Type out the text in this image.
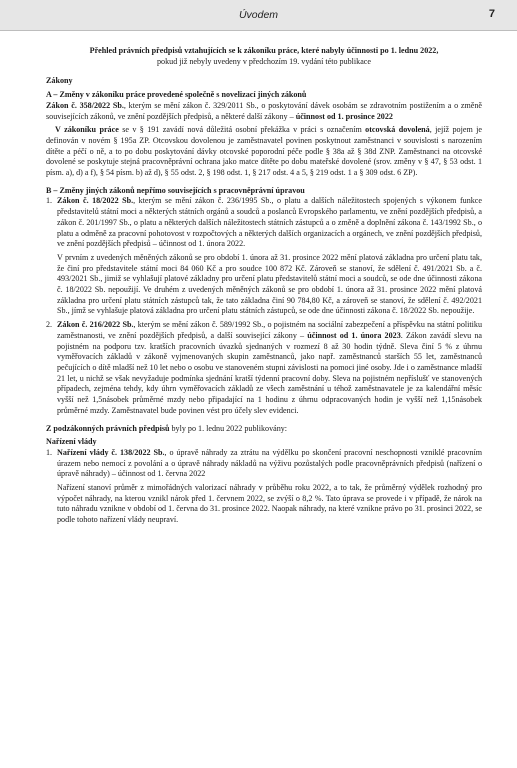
Úvodem	7

Přehled právních předpisů vztahujících se k zákoníku práce, které nabyly účinnosti po 1. lednu 2022,
pokud již nebyly uvedeny v předchozím 19. vydání této publikace

Zákony

A – Změny v zákoníku práce provedené společně s novelizací jiných zákonů

Zákon č. 358/2022 Sb., kterým se mění zákon č. 329/2011 Sb., o poskytování dávek osobám se zdravotním postižením a o změně souvisejících zákonů, ve znění pozdějších předpisů, a některé další zákony – účinnost od 1. prosince 2022

V zákoníku práce se v § 191 zavádí nová důležitá osobní překážka v práci s označením otcovská dovolená, jejíž pojem je definován v novém § 195a ZP. Otcovskou dovolenou je zaměstnavatel povinen poskytnout zaměstnanci v souvislosti s narozením dítěte a péčí o ně, a to po dobu poskytování dávky otcovské poporodní péče podle § 38a až § 38d ZNP. Zaměstnanci na otcovské dovolené se poskytuje stejná pracovněprávní ochrana jako matce dítěte po dobu mateřské dovolené (srov. změny v § 47, § 53 odst. 1 písm. a), d) a f), § 54 písm. b) až d), § 55 odst. 2, § 198 odst. 1, § 217 odst. 4 a 5, § 219 odst. 1 a § 309 odst. 6 ZP).

B – Změny jiných zákonů nepřímo souvisejících s pracovněprávní úpravou

1. Zákon č. 18/2022 Sb., kterým se mění zákon č. 236/1995 Sb., o platu a dalších náležitostech spojených s výkonem funkce představitelů státní moci a některých státních orgánů a soudců a poslanců Evropského parlamentu, ve znění pozdějších předpisů, a zákon č. 201/1997 Sb., o platu a některých dalších náležitostech státních zástupců a o změně a doplnění zákona č. 143/1992 Sb., o platu a odměně za pracovní pohotovost v rozpočtových a některých dalších organizacích a orgánech, ve znění pozdějších předpisů, ve znění pozdějších předpisů – účinnost od 1. února 2022.

V prvním z uvedených měněných zákonů se pro období 1. února až 31. prosince 2022 mění platová základna pro určení platu tak, že činí pro představitele státní moci 84 060 Kč a pro soudce 100 872 Kč. Zároveň se stanoví, že sdělení č. 491/2021 Sb. a č. 493/2021 Sb., jimiž se vyhlašují platové základny pro určení platu představitelů státní moci a soudců, se ode dne účinnosti zákona č. 18/2022 Sb. nepoužijí. Ve druhém z uvedených měněných zákonů se pro období 1. února až 31. prosince 2022 mění platová základna pro určení platu státních zástupců tak, že tato základna činí 90 784,80 Kč, a zároveň se stanoví, že sdělení č. 492/2021 Sb., jímž se vyhlašuje platová základna pro určení platu státních zástupců, se ode dne účinnosti zákona č. 18/2022 Sb. nepoužije.

2. Zákon č. 216/2022 Sb., kterým se mění zákon č. 589/1992 Sb., o pojistném na sociální zabezpečení a příspěvku na státní politiku zaměstnanosti, ve znění pozdějších předpisů, a další související zákony – účinnost od 1. února 2023. Zákon zavádí slevu na pojistném na podporu tzv. kratších pracovních úvazků sjednaných v rozmezí 8 až 30 hodin týdně. Sleva činí 5 % z úhrnu vyměřovacích základů v zákoně vyjmenovaných skupin zaměstnanců, jako např. zaměstnanců starších 55 let, zaměstnanců pečujících o dítě mladší než 10 let nebo o osobu ve stanoveném stupni závislosti na pomoci jiné osoby. Jde i o zaměstnance mladší 21 let, u nichž se však nevyžaduje podmínka sjednání kratší týdenní pracovní doby. Sleva na pojistném nepříslušť ve stanovených případech, zejména tehdy, kdy úhrn vyměřovacích základů ze všech zaměstnání u téhož zaměstnavatele je za kalendářní měsíc vyšší než 1,5násobek průměrné mzdy nebo připadající na 1 hodinu z úhrnu odpracovaných hodin je vyšší než 1,15násobek průměrné mzdy. Zaměstnavatel bude povinen vést pro účely slev evidenci.

Z podzákonných právních předpisů byly po 1. lednu 2022 publikovány:

Nařízení vlády

1. Nařízení vlády č. 138/2022 Sb., o úpravě náhrady za ztrátu na výdělku po skončení pracovní neschopnosti vzniklé pracovním úrazem nebo nemocí z povolání a o úpravě náhrady nákladů na výživu pozůstalých podle pracovněprávních předpisů (nařízení o úpravě náhrady) – účinnost od 1. června 2022

Nařízení stanoví průměr z mimořádných valorizací náhrady v průběhu roku 2022, a to tak, že průměrný výdělek rozhodný pro výpočet náhrady, na kterou vznikl nárok před 1. červnem 2022, se zvýší o 8,2 %. Tato úprava se provede i v případě, že nárok na tuto náhradu vznikne v období od 1. června do 31. prosince 2022. Naopak náhrady, na které vznikne právo po 31. prosinci 2022, se podle tohoto nařízení vlády neupraví.
